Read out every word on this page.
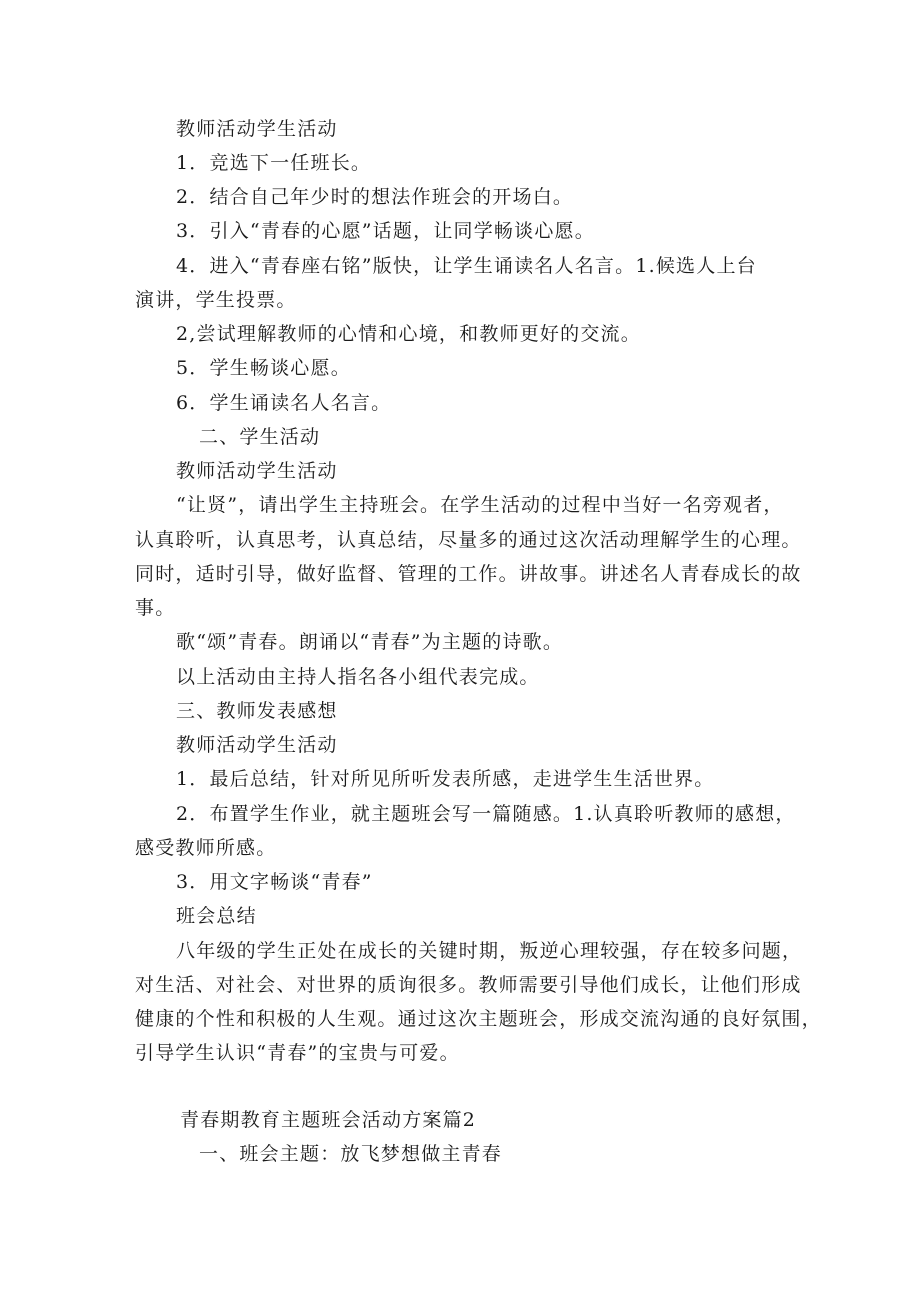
教师活动学生活动
1．竞选下一任班长。
2．结合自己年少时的想法作班会的开场白。
3．引入“青春的心愿”话题，让同学畅谈心愿。
4．进入“青春座右铭”版快，让学生诵读名人名言。1.候选人上台
演讲，学生投票。
2,尝试理解教师的心情和心境，和教师更好的交流。
5．学生畅谈心愿。
6．学生诵读名人名言。
二、学生活动
教师活动学生活动
“让贤”，请出学生主持班会。在学生活动的过程中当好一名旁观者，
认真聆听，认真思考，认真总结，尽量多的通过这次活动理解学生的心理。
同时，适时引导，做好监督、管理的工作。讲故事。讲述名人青春成长的故
事。
歌“颂”青春。朗诵以“青春”为主题的诗歌。
以上活动由主持人指名各小组代表完成。
三、教师发表感想
教师活动学生活动
1．最后总结，针对所见所听发表所感，走进学生生活世界。
2．布置学生作业，就主题班会写一篇随感。1.认真聆听教师的感想，
感受教师所感。
3．用文字畅谈“青春”
班会总结
八年级的学生正处在成长的关键时期，叛逆心理较强，存在较多问题，
对生活、对社会、对世界的质询很多。教师需要引导他们成长，让他们形成
健康的个性和积极的人生观。通过这次主题班会，形成交流沟通的良好氛围，
引导学生认识“青春”的宝贵与可爱。
青春期教育主题班会活动方案篇2
一、班会主题：放飞梦想做主青春
